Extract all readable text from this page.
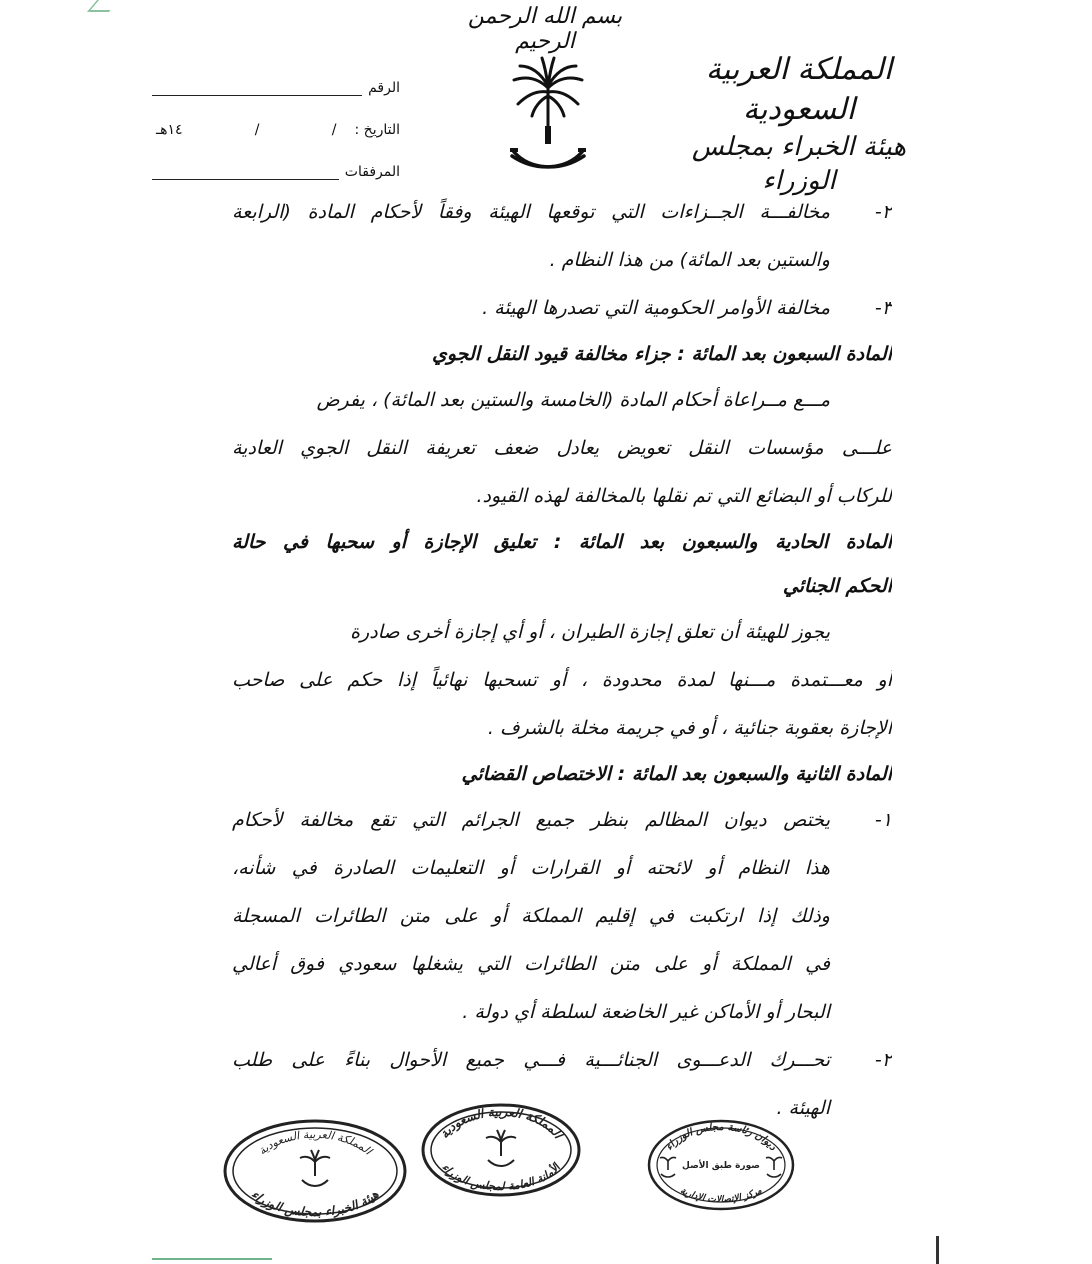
بسم الله الرحمن الرحيم
المملكة العربية السعودية
هيئة الخبراء بمجلس الوزراء
الرقم
التاريخ :
/
/
١٤هـ
المرفقات
٢-
مخالفـــة الجــزاءات التي توقعها الهيئة وفقاً لأحكام المادة (الرابعة
والستين بعد المائة) من هذا النظام .
٣-مخالفة الأوامر الحكومية التي تصدرها الهيئة .
المادة السبعون بعد المائة : جزاء مخالفة قيود النقل الجوي
مـــع مــراعاة أحكام المادة (الخامسة والستين بعد المائة) ، يفرض
علـــى مؤسسات النقل تعويض يعادل ضعف تعريفة النقل الجوي العادية
للركاب أو البضائع التي تم نقلها بالمخالفة لهذه القيود.
المادة الحادية والسبعون بعد المائة : تعليق الإجازة أو سحبها في حالة
الحكم الجنائي
يجوز للهيئة أن تعلق إجازة الطيران ، أو أي إجازة أخرى صادرة
أو معـــتمدة مـــنها لمدة محدودة ، أو تسحبها نهائياً إذا حكم على صاحب
الإجازة بعقوبة جنائية ، أو في جريمة مخلة بالشرف .
المادة الثانية والسبعون بعد المائة : الاختصاص القضائي
١-
يختص ديوان المظالم بنظر جميع الجرائم التي تقع مخالفة لأحكام
هذا النظام أو لائحته أو القرارات أو التعليمات الصادرة في شأنه،
وذلك إذا ارتكبت في إقليم المملكة أو على متن الطائرات المسجلة
في المملكة أو على متن الطائرات التي يشغلها سعودي فوق أعالي
البحار أو الأماكن غير الخاضعة لسلطة أي دولة .
٢-
تحـــرك الدعـــوى الجنائـــية فـــي جميع الأحوال بناءً على طلب
الهيئة .
المملكة العربية السعودية
هيئة الخبراء بمجلس الوزراء
المملكة العربية السعودية
الأمانة العامة لمجلس الوزراء
ديوان رئاسة مجلس الوزراء
صورة طبق الأصل
مركز الإتصالات الإدارية
